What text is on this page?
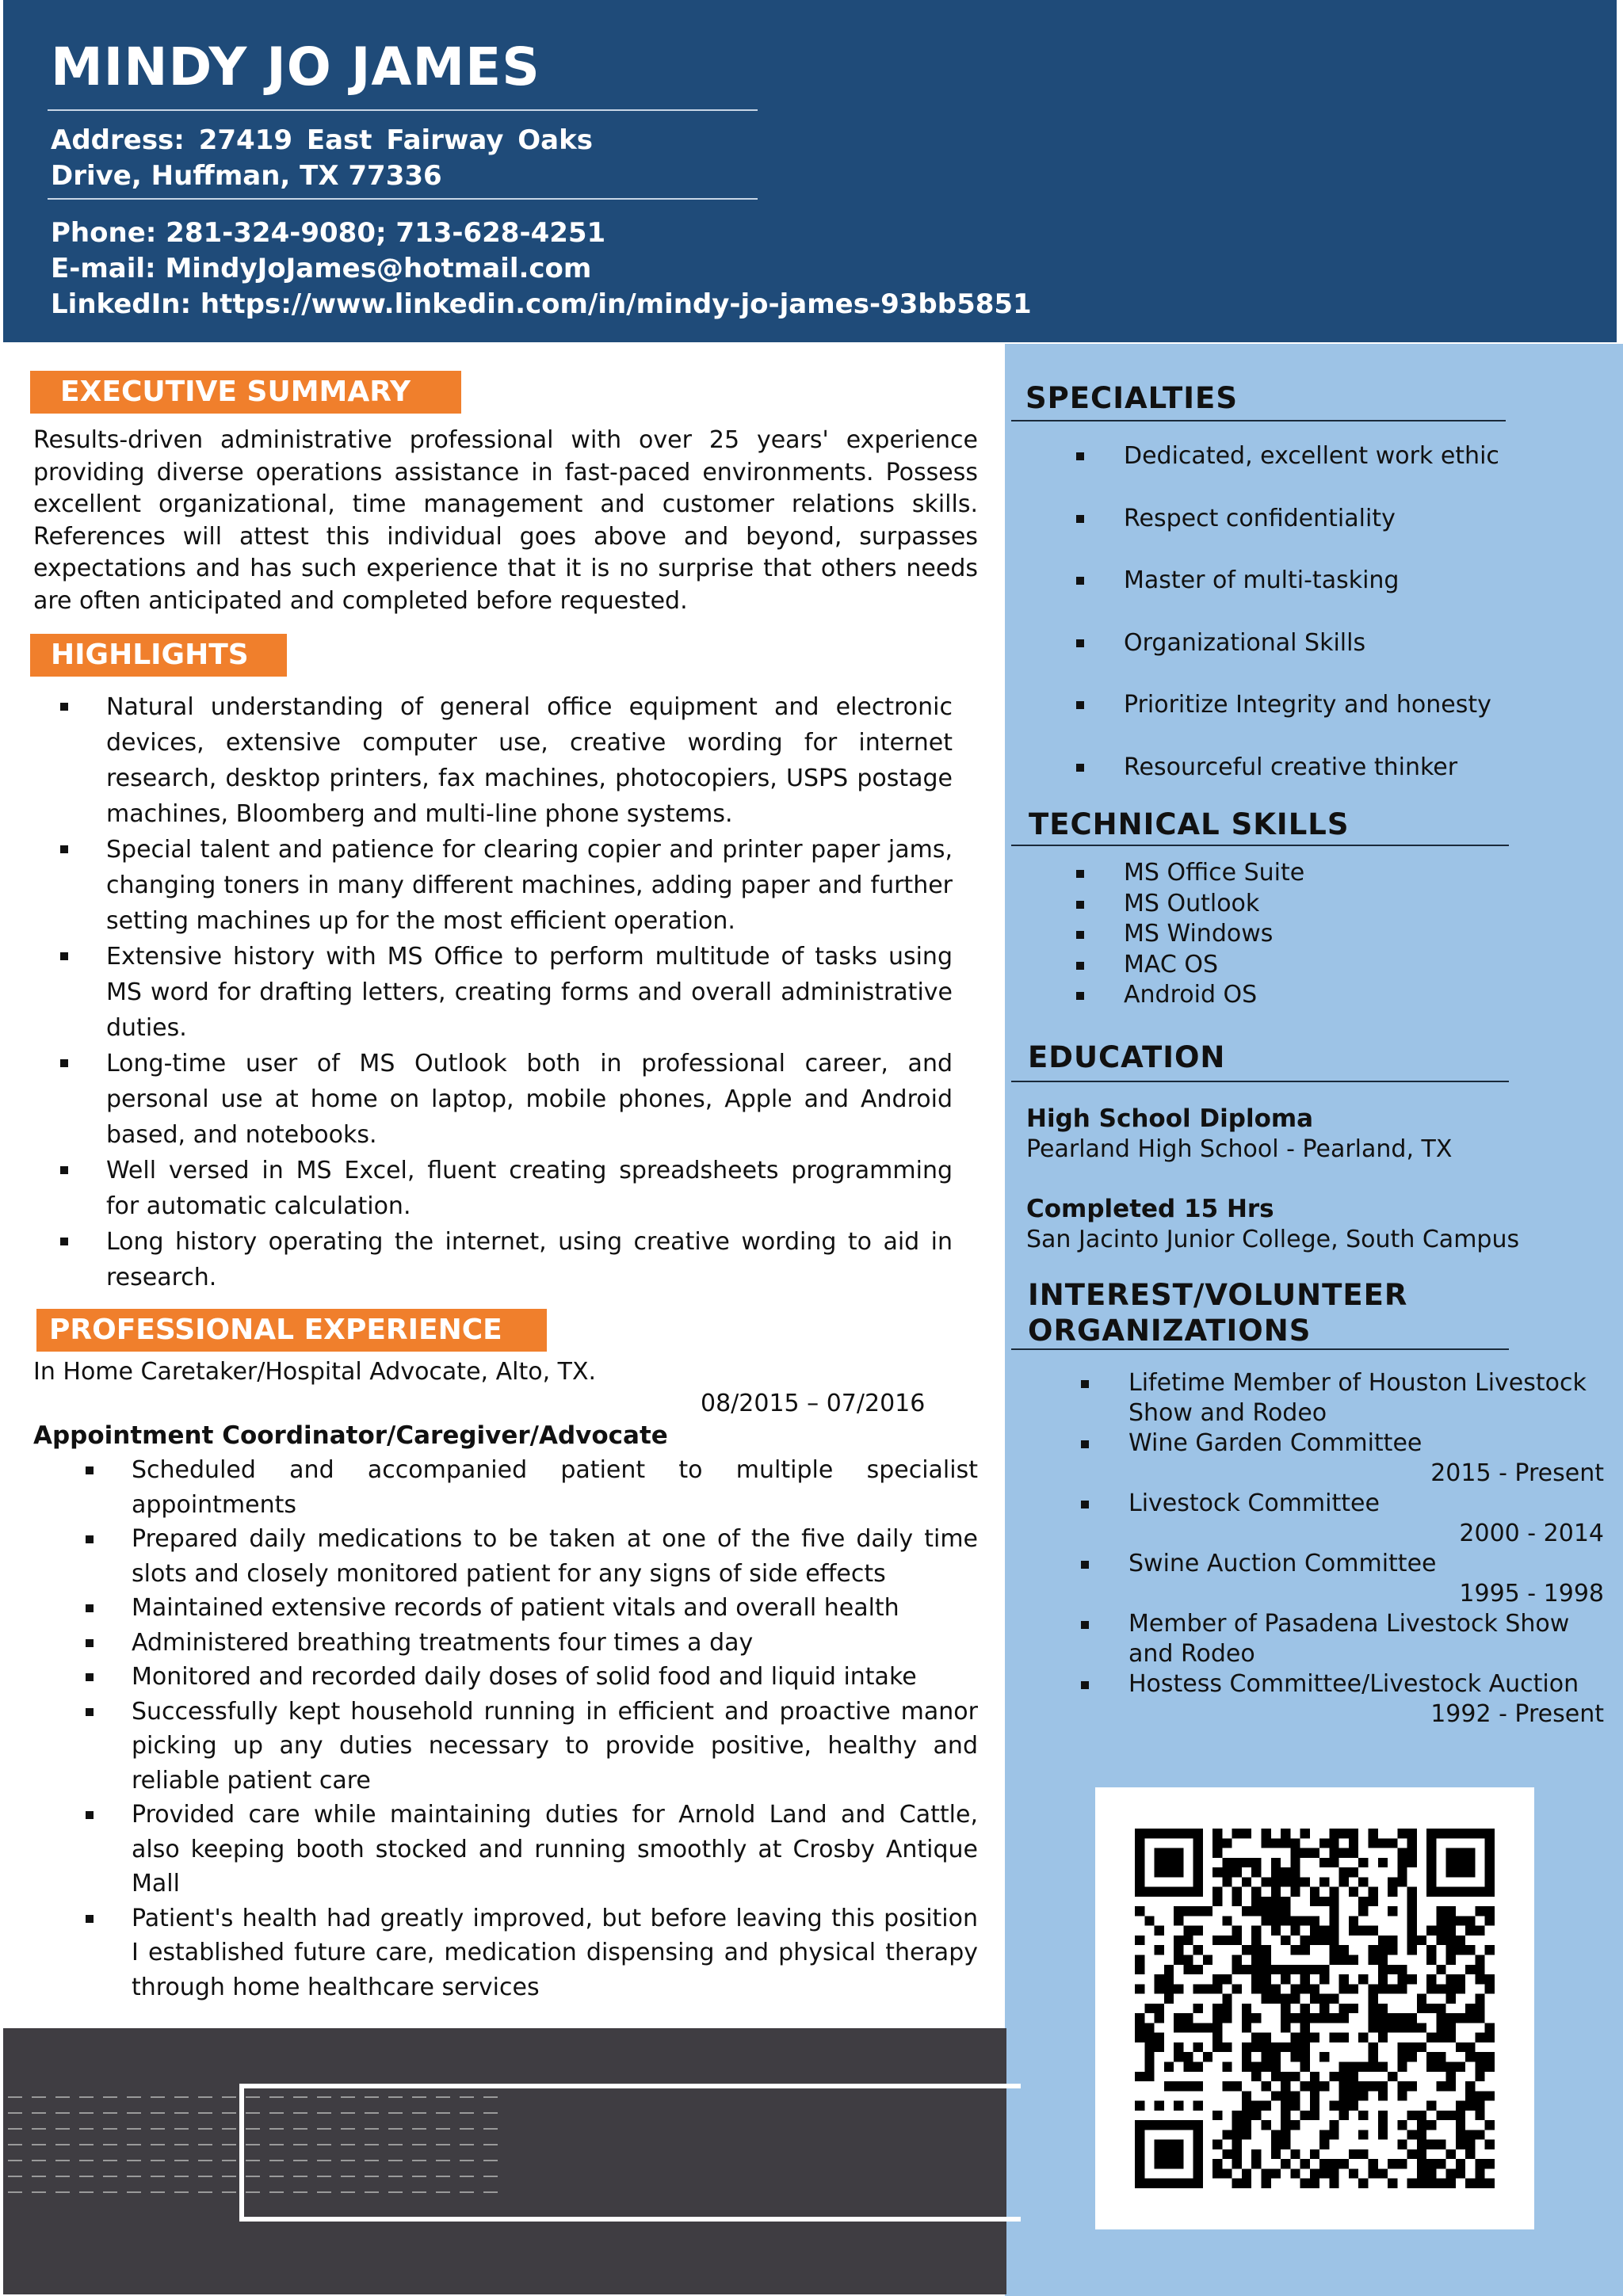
MINDY JO JAMES
Address: 27419 East Fairway Oaks
Drive, Huffman, TX 77336
Phone: 281-324-9080; 713-628-4251
E-mail: MindyJoJames@hotmail.com
LinkedIn: https://www.linkedin.com/in/mindy-jo-james-93bb5851
EXECUTIVE SUMMARY
Results-driven administrative professional with over 25 years' experience providing diverse operations assistance in fast-paced environments. Possess excellent organizational, time management and customer relations skills. References will attest this individual goes above and beyond, surpasses expectations and has such experience that it is no surprise that others needs are often anticipated and completed before requested.
HIGHLIGHTS
Natural understanding of general office equipment and electronic devices, extensive computer use, creative wording for internet research, desktop printers, fax machines, photocopiers, USPS postage machines, Bloomberg and multi-line phone systems.
Special talent and patience for clearing copier and printer paper jams, changing toners in many different machines, adding paper and further setting machines up for the most efficient operation.
Extensive history with MS Office to perform multitude of tasks using MS word for drafting letters, creating forms and overall administrative duties.
Long-time user of MS Outlook both in professional career, and personal use at home on laptop, mobile phones, Apple and Android based, and notebooks.
Well versed in MS Excel, fluent creating spreadsheets programming for automatic calculation.
Long history operating the internet, using creative wording to aid in research.
PROFESSIONAL EXPERIENCE
In Home Caretaker/Hospital Advocate, Alto, TX.
08/2015 – 07/2016
Appointment Coordinator/Caregiver/Advocate
Scheduled and accompanied patient to multiple specialist appointments
Prepared daily medications to be taken at one of the five daily time slots and closely monitored patient for any signs of side effects
Maintained extensive records of patient vitals and overall health
Administered breathing treatments four times a day
Monitored and recorded daily doses of solid food and liquid intake
Successfully kept household running in efficient and proactive manor picking up any duties necessary to provide positive, healthy and reliable patient care
Provided care while maintaining duties for Arnold Land and Cattle, also keeping booth stocked and running smoothly at Crosby Antique Mall
Patient's health had greatly improved, but before leaving this position I established future care, medication dispensing and physical therapy through home healthcare services
SPECIALTIES
Dedicated, excellent work ethic
Respect confidentiality
Master of multi-tasking
Organizational Skills
Prioritize Integrity and honesty
Resourceful creative thinker
TECHNICAL SKILLS
MS Office Suite
MS Outlook
MS Windows
MAC OS
Android OS
EDUCATION
High School Diploma
Pearland High School - Pearland, TX
Completed 15 Hrs
San Jacinto Junior College, South Campus
INTEREST/VOLUNTEER
ORGANIZATIONS
Lifetime Member of Houston Livestock Show and Rodeo
Wine Garden Committee
2015 - Present
Livestock Committee
2000 - 2014
Swine Auction Committee
1995 - 1998
Member of Pasadena Livestock Show and Rodeo
Hostess Committee/Livestock Auction
1992 - Present
